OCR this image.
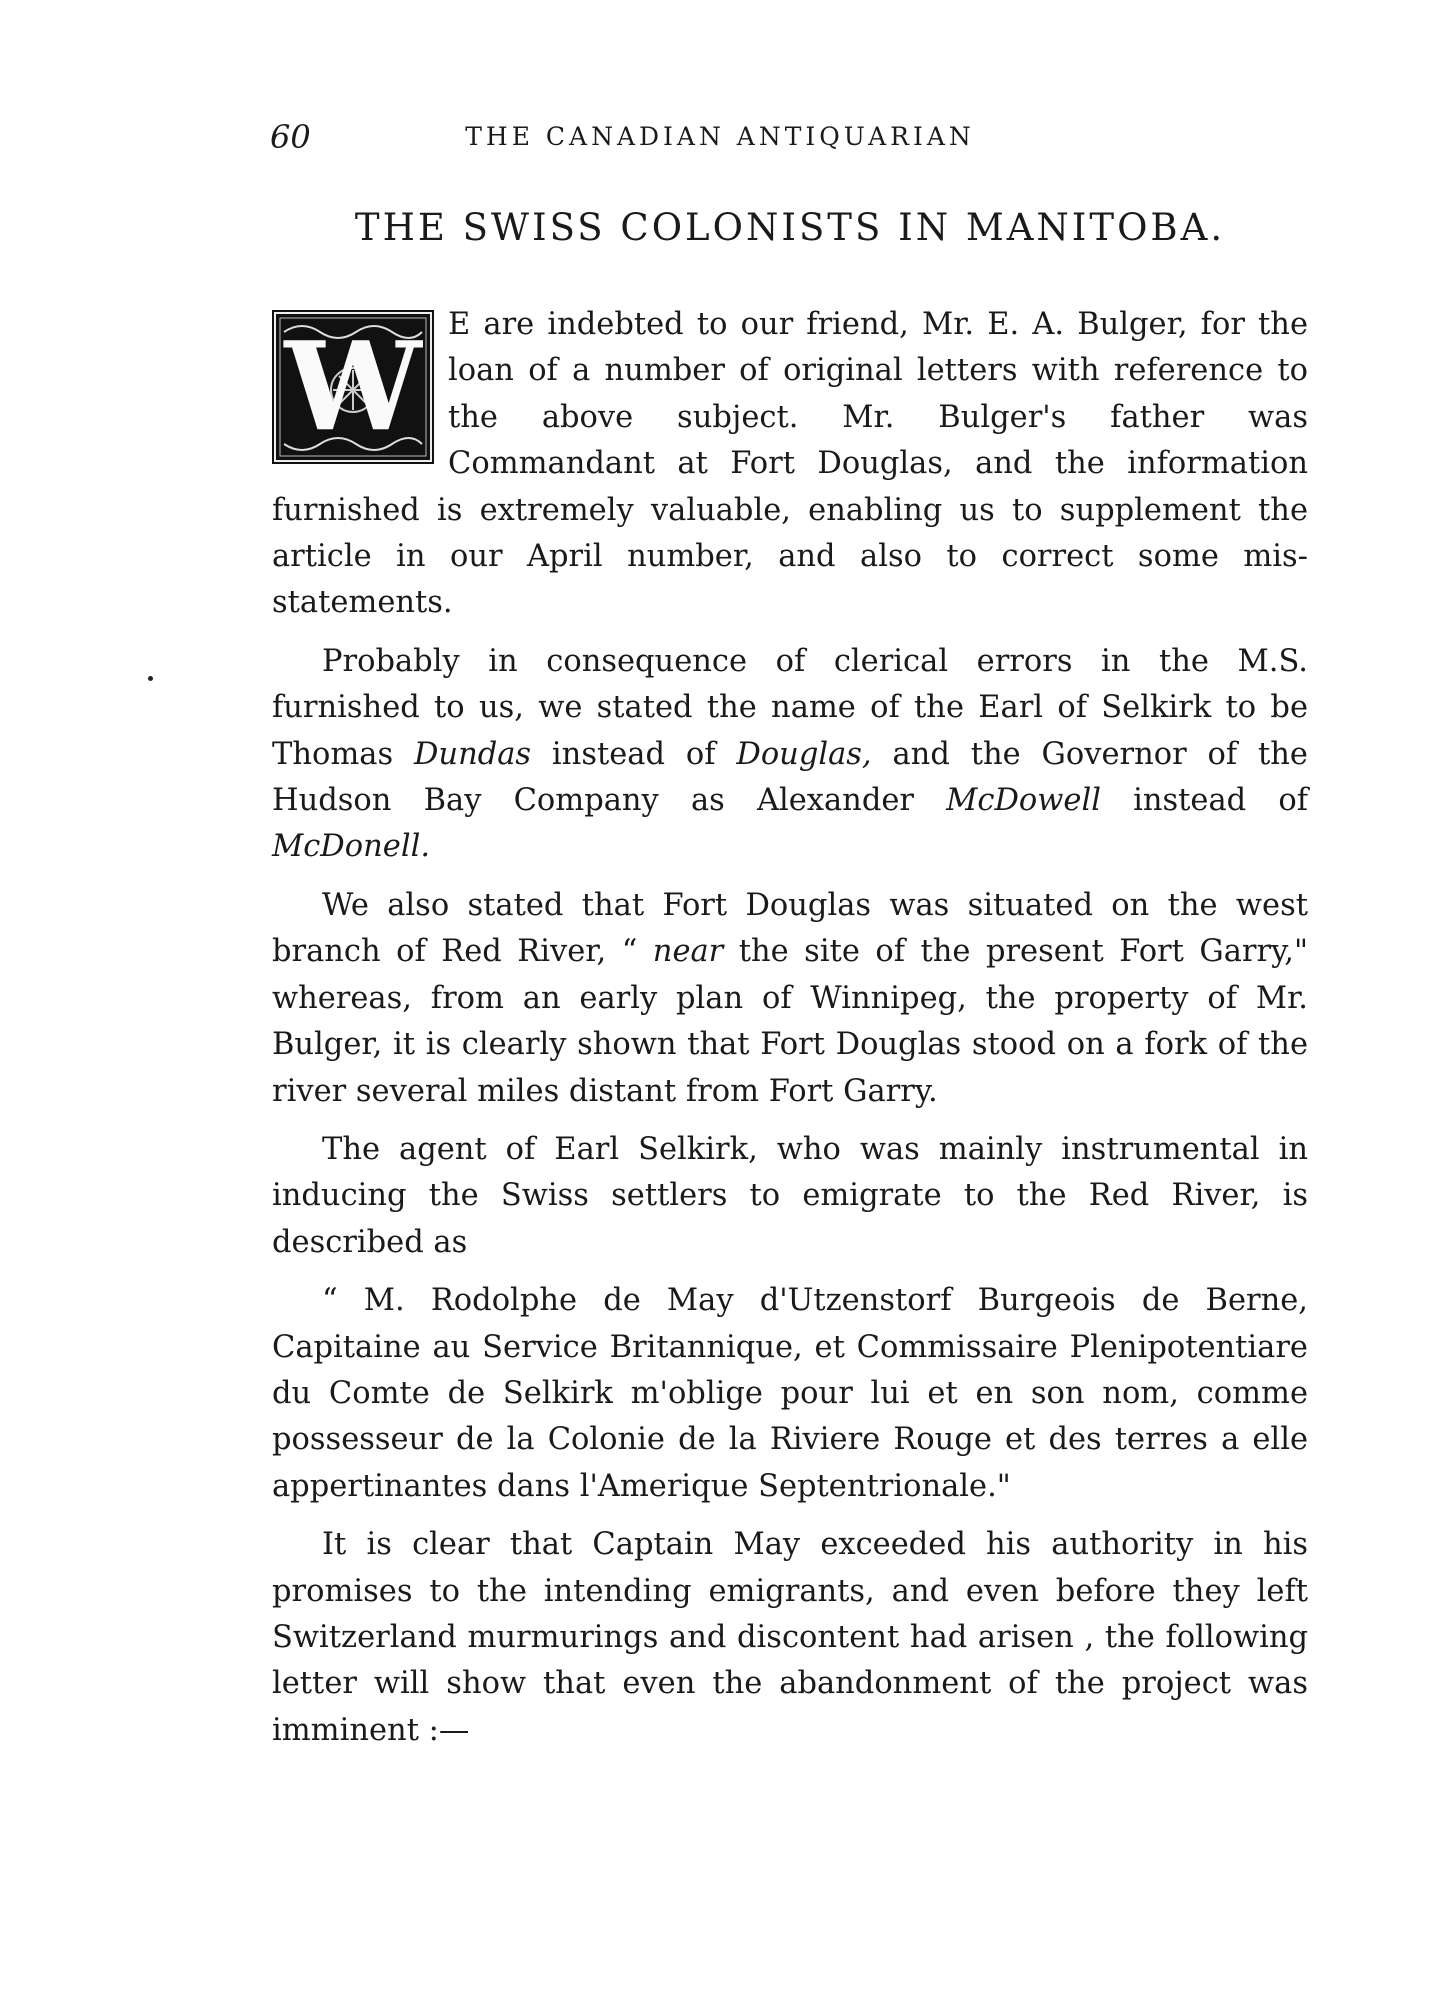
60	THE CANADIAN ANTIQUARIAN
THE SWISS COLONISTS IN MANITOBA.
W E are indebted to our friend, Mr. E. A. Bulger, for the loan of a number of original letters with reference to the above subject. Mr. Bulger's father was Commandant at Fort Douglas, and the information furnished is extremely valuable, enabling us to supplement the article in our April number, and also to correct some mis-statements.

Probably in consequence of clerical errors in the M.S. furnished to us, we stated the name of the Earl of Selkirk to be Thomas Dundas instead of Douglas, and the Governor of the Hudson Bay Company as Alexander McDowell instead of McDonell.

We also stated that Fort Douglas was situated on the west branch of Red River, “ near the site of the present Fort Garry," whereas, from an early plan of Winnipeg, the property of Mr. Bulger, it is clearly shown that Fort Douglas stood on a fork of the river several miles distant from Fort Garry.

The agent of Earl Selkirk, who was mainly instrumental in inducing the Swiss settlers to emigrate to the Red River, is described as

“ M. Rodolphe de May d'Utzenstorf Burgeois de Berne, Capitaine au Service Britannique, et Commissaire Plenipotentiare du Comte de Selkirk m'oblige pour lui et en son nom, comme possesseur de la Colonie de la Riviere Rouge et des terres a elle appertinantes dans l'Amerique Septentrionale."

It is clear that Captain May exceeded his authority in his promises to the intending emigrants, and even before they left Switzerland murmurings and discontent had arisen , the following letter will show that even the abandonment of the project was imminent :—
